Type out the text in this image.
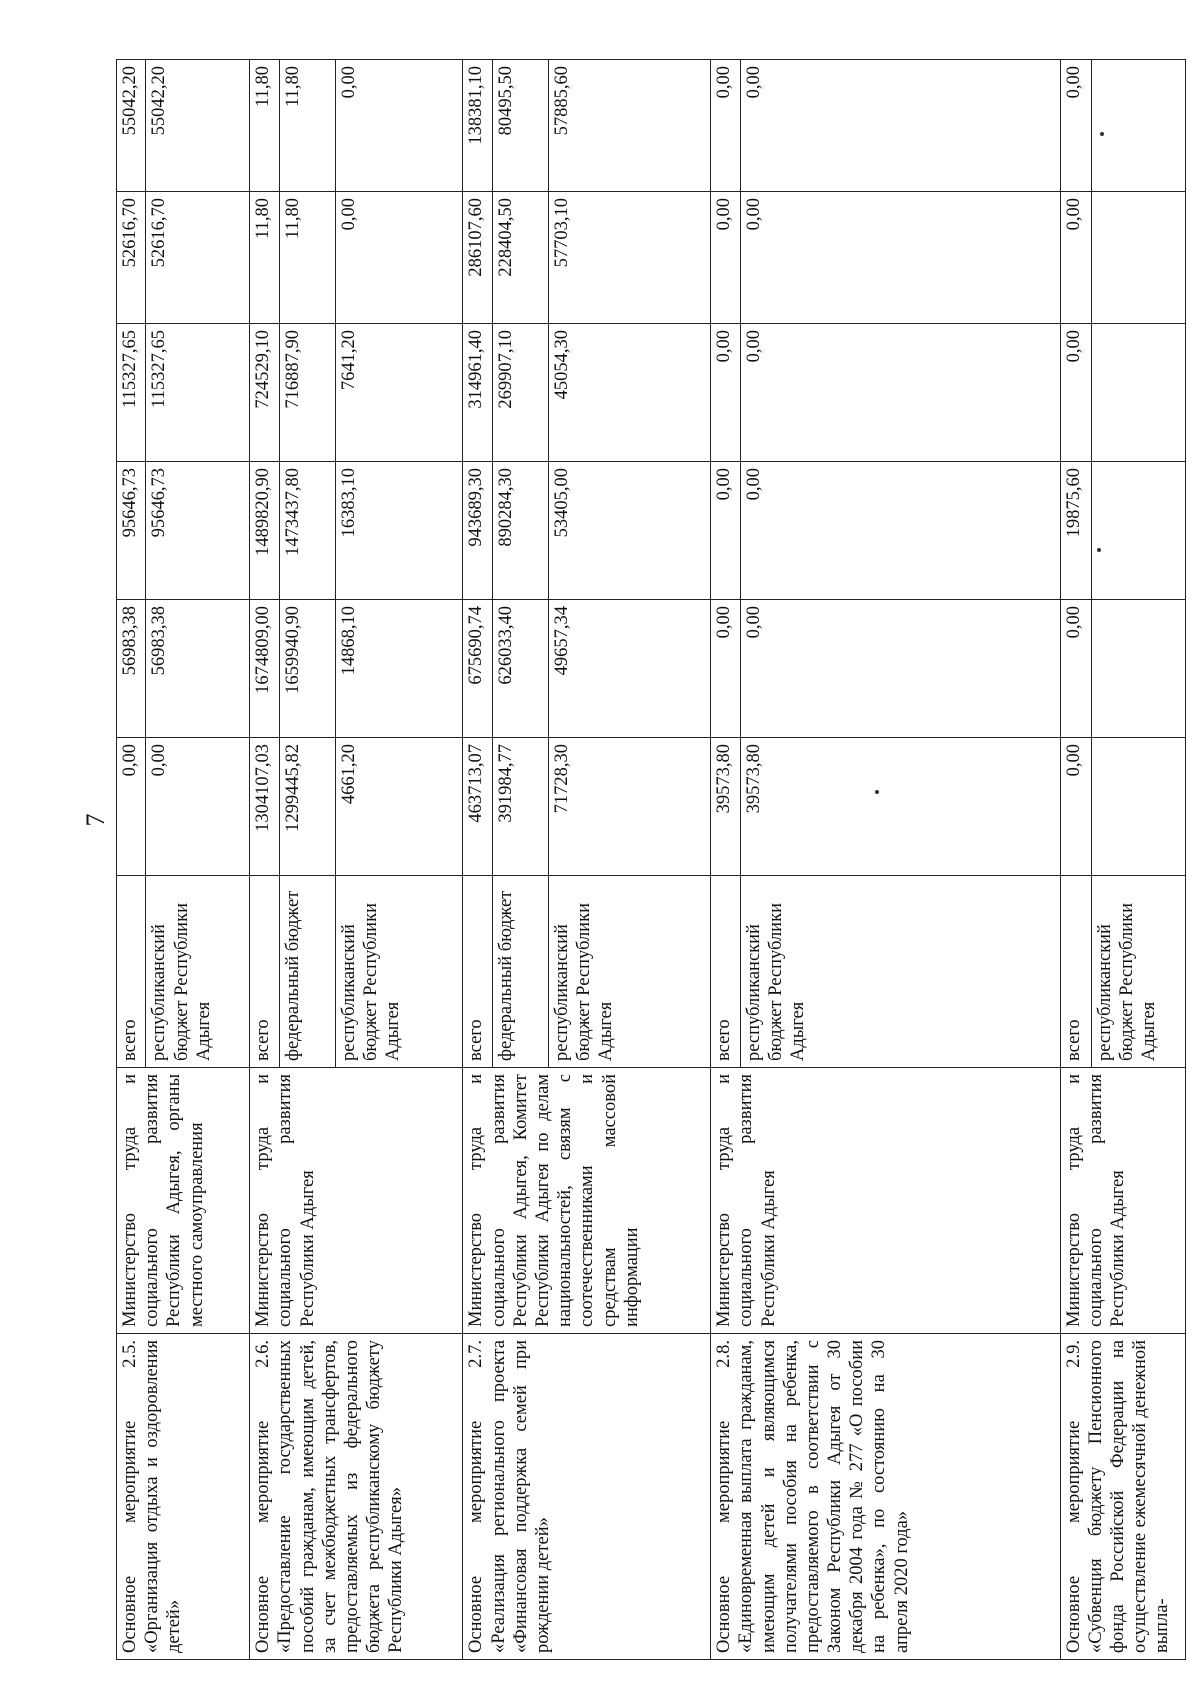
7
Основное мероприятие 2.5. «Организация отдыха и оздоровления детей»	Министерство труда и социального развития Республики Адыгея, органы местного самоуправления	всего	0,00	56983,38	95646,73	115327,65	52616,70	55042,20
		республиканский бюджет Республики Адыгея	0,00	56983,38	95646,73	115327,65	52616,70	55042,20
Основное мероприятие 2.6. «Предоставление государственных пособий гражданам, имеющим детей, за счет межбюджетных трансфертов, предоставляемых из федерального бюджета республиканскому бюджету Республики Адыгея»	Министерство труда и социального развития Республики Адыгея	всего	1304107,03	1674809,00	1489820,90	724529,10	11,80	11,80
		федеральный бюджет	1299445,82	1659940,90	1473437,80	716887,90	11,80	11,80
		республиканский бюджет Республики Адыгея	4661,20	14868,10	16383,10	7641,20	0,00	0,00
Основное мероприятие 2.7. «Реализация регионального проекта «Финансовая поддержка семей при рождении детей»	Министерство труда и социального развития Республики Адыгея, Комитет Республики Адыгея по делам национальностей, связям с соотечественниками и средствам массовой информации	всего	463713,07	675690,74	943689,30	314961,40	286107,60	138381,10
		федеральный бюджет	391984,77	626033,40	890284,30	269907,10	228404,50	80495,50
		республиканский бюджет Республики Адыгея	71728,30	49657,34	53405,00	45054,30	57703,10	57885,60
Основное мероприятие 2.8. «Единовременная выплата гражданам, имеющим детей и являющимся получателями пособия на ребенка, предоставляемого в соответствии с Законом Республики Адыгея от 30 декабря 2004 года № 277 «О пособии на ребенка», по состоянию на 30 апреля 2020 года»	Министерство труда и социального развития Республики Адыгея	всего	39573,80	0,00	0,00	0,00	0,00	0,00
		республиканский бюджет Республики Адыгея	39573,80	0,00	0,00	0,00	0,00	0,00
Основное мероприятие 2.9. «Субвенция бюджету Пенсионного фонда Российской Федерации на осуществление ежемесячной денежной выпла-	Министерство труда и социального развития Республики Адыгея	всего	0,00	0,00	19875,60	0,00	0,00	0,00
		республиканский бюджет Республики Адыгея						
